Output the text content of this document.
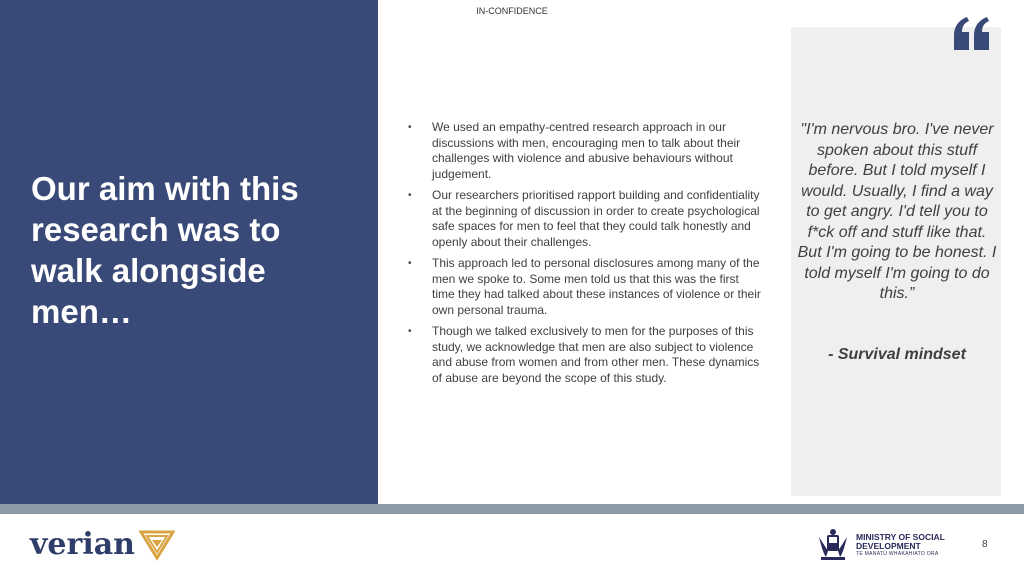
Our aim with this research was to walk alongside men…
IN-CONFIDENCE
•	We used an empathy-centred research approach in our discussions with men, encouraging men to talk about their challenges with violence and abusive behaviours without judgement.
•	Our researchers prioritised rapport building and confidentiality at the beginning of discussion in order to create psychological safe spaces for men to feel that they could talk honestly and openly about their challenges.
•	This approach led to personal disclosures among many of the men we spoke to. Some men told us that this was the first time they had talked about these instances of violence or their own personal trauma.
•	Though we talked exclusively to men for the purposes of this study, we acknowledge that men are also subject to violence and abuse from women and from other men. These dynamics of abuse are beyond the scope of this study.

"I'm nervous bro. I've never spoken about this stuff before. But I told myself I would. Usually, I find a way to get angry. I'd tell you to f*ck off and stuff like that. But I'm going to be honest. I told myself I'm going to do this.”

- Survival mindset
verian	MINISTRY OF SOCIAL
DEVELOPMENT
TE MANATŪ WHAKAHIATO ORA
8
